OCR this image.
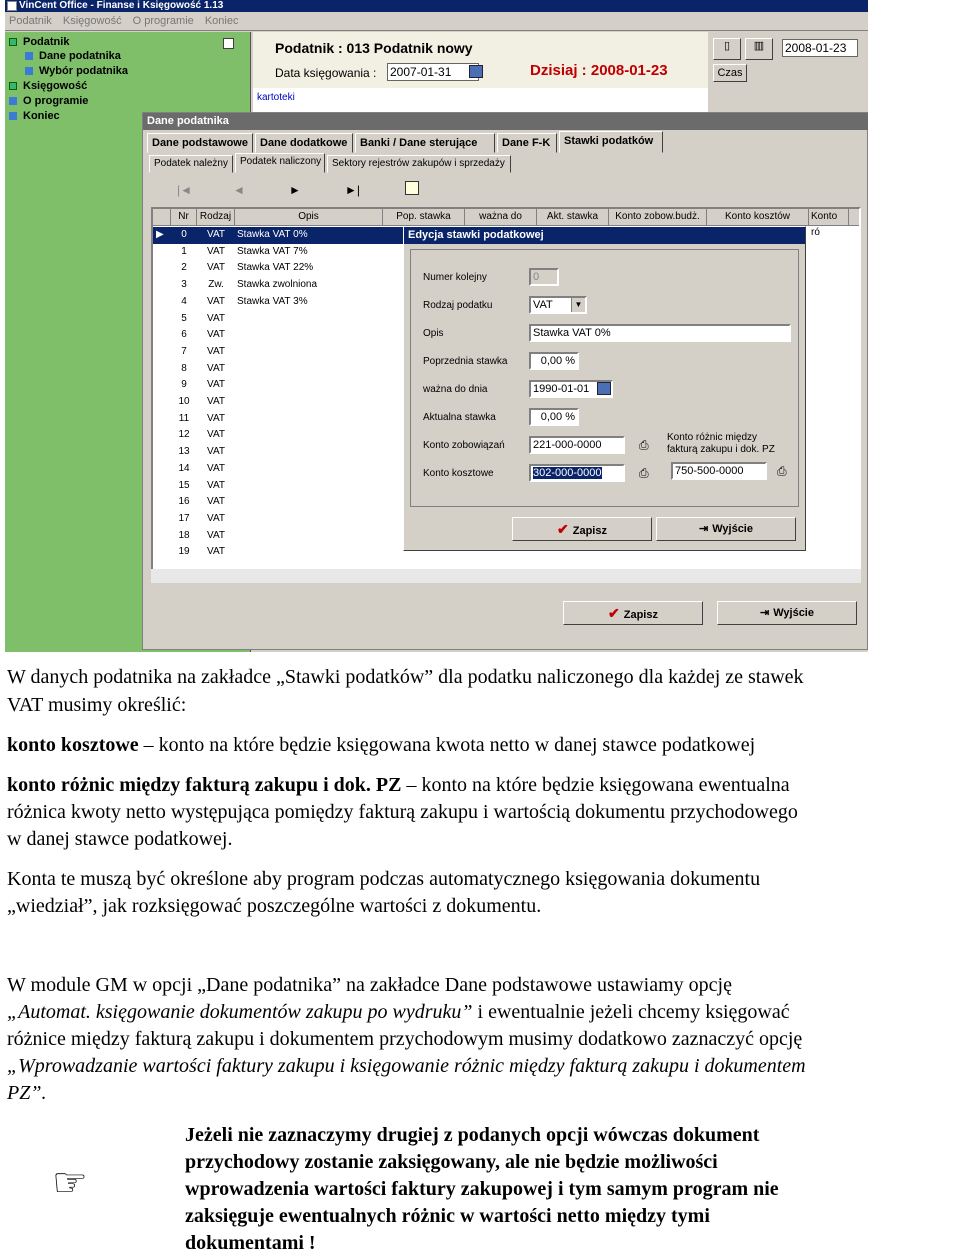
VinCent Office - Finanse i Księgowość 1.13
Podatnik Księgowość O programie Koniec
Podatnik
Dane podatnika
Wybór podatnika
Księgowość
O programie
Koniec
Podatnik : 013 Podatnik nowy
Data księgowania : 2007-01-31	Dzisiaj : 2008-01-23
▯	▥	2008-01-23
Czas
kartoteki
Dane podatnika
Dane podstawowe	Dane dodatkowe	Banki / Dane sterujące	Dane F-K	Stawki podatków
Podatek należny	Podatek naliczony	Sektory rejestrów zakupów i sprzedaży
|◄	◄	►	►|
Nr	Rodzaj	Opis	Pop. stawka	ważna do	Akt. stawka	Konto zobow.budż.	Konto kosztów	Konto ró
▶	0	VAT	Stawka VAT 0%
1	VAT	Stawka VAT 7%
2	VAT	Stawka VAT 22%
3	Zw.	Stawka zwolniona
4	VAT	Stawka VAT 3%
5	VAT
6	VAT
7	VAT
8	VAT
9	VAT
10	VAT
11	VAT
12	VAT
13	VAT
14	VAT
15	VAT
16	VAT
17	VAT
18	VAT
19	VAT
Edycja stawki podatkowej
Numer kolejny	0
Rodzaj podatku	VAT	▼
Opis	Stawka VAT 0%
Poprzednia stawka	0,00 %
ważna do dnia	1990-01-01
Aktualna stawka	0,00 %
Konto zobowiązań	221-000-0000	⎙
Konto kosztowe	302-000-0000	⎙
Konto różnic między fakturą zakupu i dok. PZ
750-500-0000	⎙
✔ Zapisz	⇥ Wyjście
✔ Zapisz	⇥ Wyjście
W danych podatnika na zakładce „Stawki podatków” dla podatku naliczonego dla każdej ze stawek
VAT musimy określić:
konto kosztowe – konto na które będzie księgowana kwota netto w danej stawce podatkowej
konto różnic między fakturą zakupu i dok. PZ – konto na które będzie księgowana ewentualna
różnica kwoty netto występująca pomiędzy fakturą zakupu i wartością dokumentu przychodowego
w danej stawce podatkowej.
Konta te muszą być określone aby program podczas automatycznego księgowania dokumentu
„wiedział”, jak rozksięgować poszczególne wartości z dokumentu.
W module GM w opcji „Dane podatnika” na zakładce Dane podstawowe ustawiamy opcję
„Automat. księgowanie dokumentów zakupu po wydruku” i ewentualnie jeżeli chcemy księgować
różnice między fakturą zakupu i dokumentem przychodowym musimy dodatkowo zaznaczyć opcję
„Wprowadzanie wartości faktury zakupu i księgowanie różnic między fakturą zakupu i dokumentem
PZ”.
☞
Jeżeli nie zaznaczymy drugiej z podanych opcji wówczas dokument
przychodowy zostanie zaksięgowany, ale nie będzie możliwości
wprowadzenia wartości faktury zakupowej i tym samym program nie
zaksięguje ewentualnych różnic w wartości netto między tymi
dokumentami !
